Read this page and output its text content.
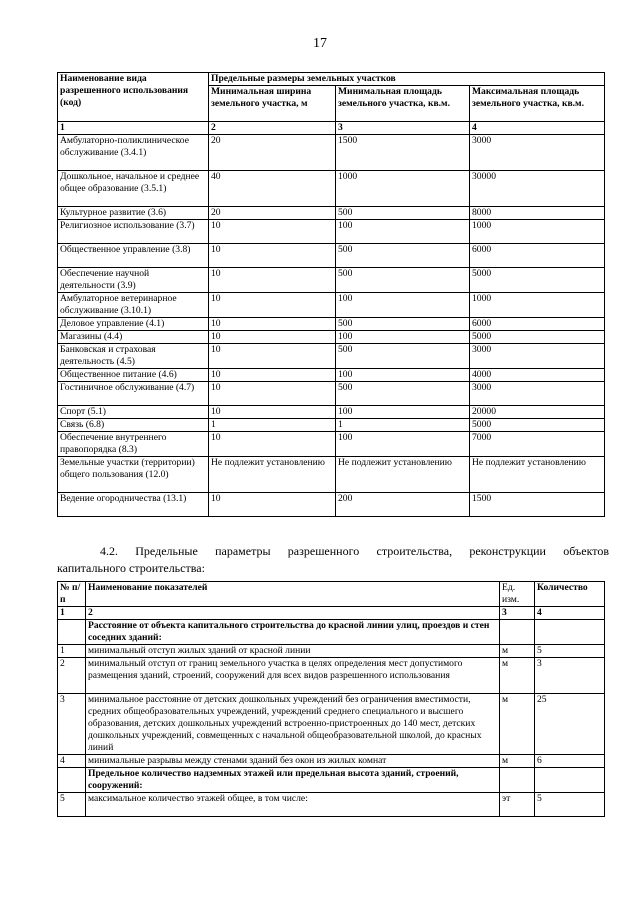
17
Наименование вида разрешенного использования (код)	Предельные размеры земельных участков		
	Минимальная ширина земельного участка, м	Минимальная площадь земельного участка, кв.м.	Максимальная площадь земельного участка, кв.м.
1	2	3	4
Амбулаторно-поликлиническое обслуживание (3.4.1)	20	1500	3000
Дошкольное, начальное и среднее общее образование (3.5.1)	40	1000	30000
Культурное развитие (3.6)	20	500	8000
Религиозное использование (3.7)	10	100	1000
Общественное управление (3.8)	10	500	6000
Обеспечение научной деятельности (3.9)	10	500	5000
Амбулаторное ветеринарное обслуживание (3.10.1)	10	100	1000
Деловое управление (4.1)	10	500	6000
Магазины (4.4)	10	100	5000
Банковская и страховая деятельность (4.5)	10	500	3000
Общественное питание (4.6)	10	100	4000
Гостиничное обслуживание (4.7)	10	500	3000
Спорт (5.1)	10	100	20000
Связь (6.8)	1	1	5000
Обеспечение внутреннего правопорядка (8.3)	10	100	7000
Земельные участки (территории) общего пользования (12.0)	Не подлежит установлению	Не подлежит установлению	Не подлежит установлению
Ведение огородничества (13.1)	10	200	1500
4.2. Предельные параметры разрешенного строительства, реконструкции объектов
капитального строительства:
№ п/п	Наименование показателей	Ед. изм.	Количество
1	2	3	4
	Расстояние от объекта капитального строительства до красной линии улиц, проездов и стен соседних зданий:		
1	минимальный отступ жилых зданий от красной линии	м	5
2	минимальный отступ от границ земельного участка в целях определения мест допустимого размещения зданий, строений, сооружений для всех видов разрешенного использования	м	3
3	минимальное расстояние от детских дошкольных учреждений без ограничения вместимости, средних общеобразовательных учреждений, учреждений среднего специального и высшего образования, детских дошкольных учреждений встроенно-пристроенных до 140 мест, детских дошкольных учреждений, совмещенных с начальной общеобразовательной школой, до красных линий	м	25
4	минимальные разрывы между стенами зданий без окон из жилых комнат	м	6
	Предельное количество надземных этажей или предельная высота зданий, строений, сооружений:		
5	максимальное количество этажей общее, в том числе:	эт	5
